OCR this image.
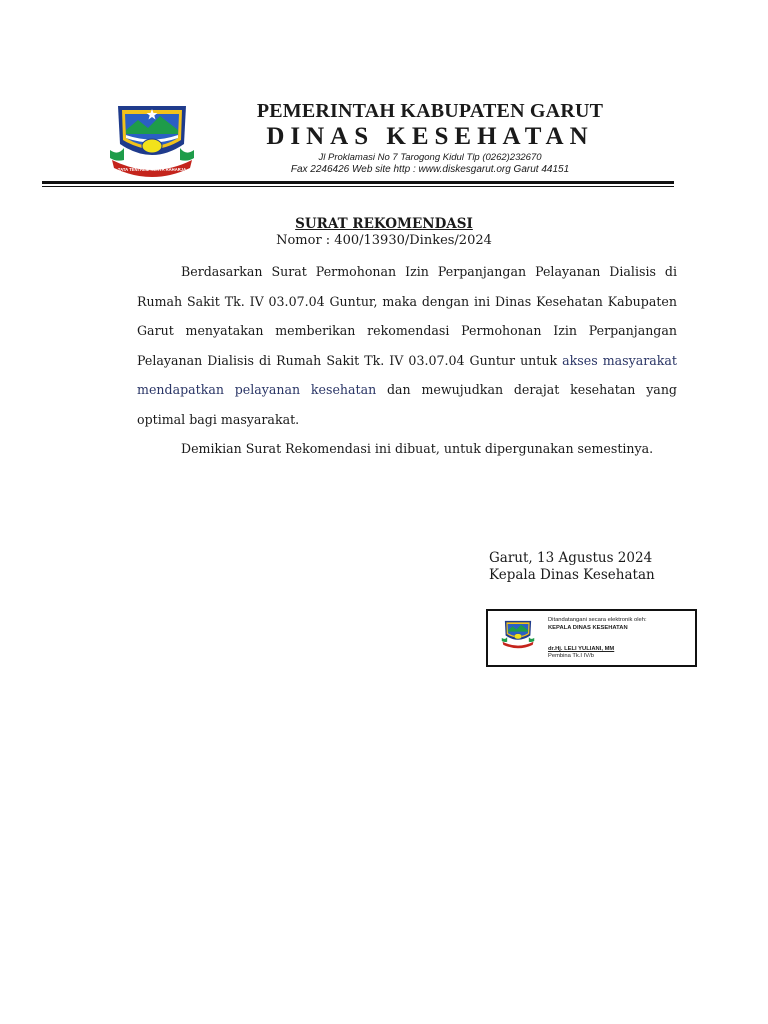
TATA TENTREM KERTA RAHARJA
PEMERINTAH KABUPATEN GARUT
DINAS KESEHATAN
Jl Proklamasi No 7 Tarogong Kidul Tlp (0262)232670
Fax 2246426 Web site http : www.diskesgarut.org Garut 44151
SURAT REKOMENDASI
Nomor : 400/13930/Dinkes/2024

Berdasarkan Surat Permohonan Izin Perpanjangan Pelayanan Dialisis di Rumah Sakit Tk. IV 03.07.04 Guntur, maka dengan ini Dinas Kesehatan Kabupaten Garut menyatakan memberikan rekomendasi Permohonan Izin Perpanjangan Pelayanan Dialisis di Rumah Sakit Tk. IV 03.07.04 Guntur untuk akses masyarakat mendapatkan pelayanan kesehatan dan mewujudkan derajat kesehatan yang optimal bagi masyarakat.

Demikian Surat Rekomendasi ini dibuat, untuk dipergunakan semestinya.

Garut, 13 Agustus 2024
Kepala Dinas Kesehatan
Ditandatangani secara elektronik oleh:
KEPALA DINAS KESEHATAN
dr.Hj. LELI YULIANI, MM
Pembina Tk.I IV/b
